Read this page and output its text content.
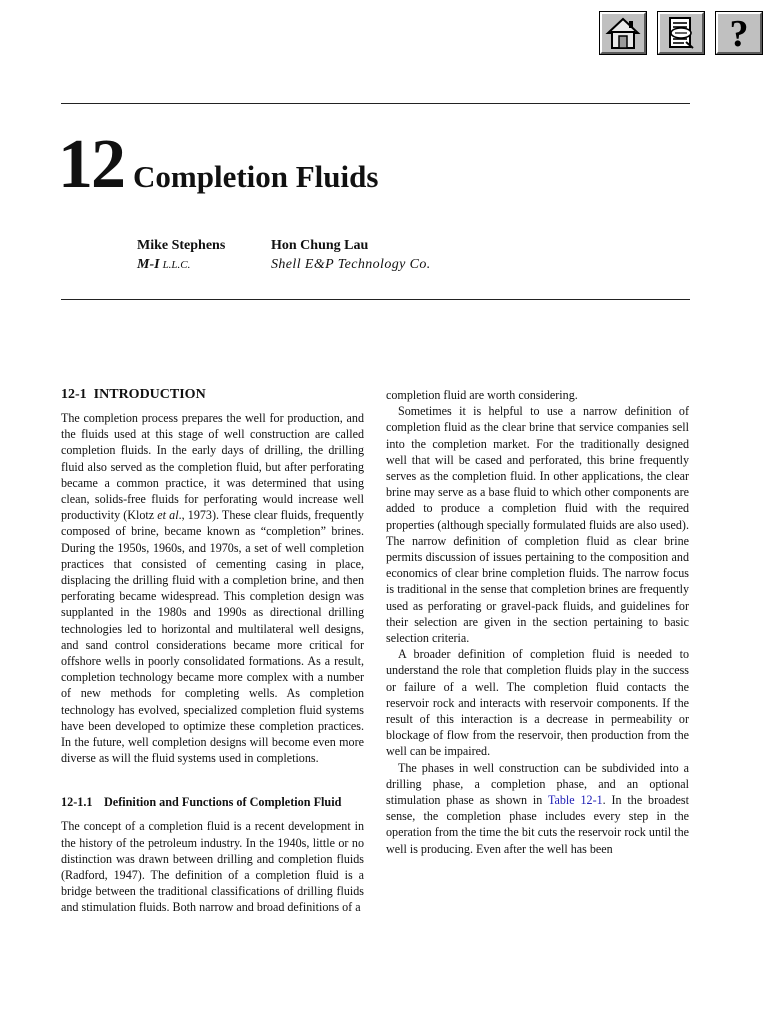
?
12 Completion Fluids
Mike Stephens
M-I L.L.C.
Hon Chung Lau
Shell E&P Technology Co.
12-1 INTRODUCTION

The completion process prepares the well for production, and the fluids used at this stage of well construction are called completion fluids. In the early days of drilling, the drilling fluid also served as the completion fluid, but after perforating became a common practice, it was determined that using clean, solids-free fluids for perforating would increase well productivity (Klotz et al., 1973). These clear fluids, frequently composed of brine, became known as “completion” brines. During the 1950s, 1960s, and 1970s, a set of well completion practices that consisted of cementing casing in place, displacing the drilling fluid with a completion brine, and then perforating became widespread. This completion design was supplanted in the 1980s and 1990s as directional drilling technologies led to horizontal and multilateral well designs, and sand control considerations became more critical for offshore wells in poorly consolidated formations. As a result, completion technology became more complex with a number of new methods for completing wells. As completion technology has evolved, specialized completion fluid systems have been developed to optimize these completion practices. In the future, well completion designs will become even more diverse as will the fluid systems used in completions.

12-1.1 Definition and Functions of Completion Fluid

The concept of a completion fluid is a recent development in the history of the petroleum industry. In the 1940s, little or no distinction was drawn between drilling and completion fluids (Radford, 1947). The definition of a completion fluid is a bridge between the traditional classifications of drilling fluids and stimulation fluids. Both narrow and broad definitions of a

completion fluid are worth considering.

Sometimes it is helpful to use a narrow definition of completion fluid as the clear brine that service companies sell into the completion market. For the traditionally designed well that will be cased and perforated, this brine frequently serves as the completion fluid. In other applications, the clear brine may serve as a base fluid to which other components are added to produce a completion fluid with the required properties (although specially formulated fluids are also used). The narrow definition of completion fluid as clear brine permits discussion of issues pertaining to the composition and economics of clear brine completion fluids. The narrow focus is traditional in the sense that completion brines are frequently used as perforating or gravel-pack fluids, and guidelines for their selection are given in the section pertaining to basic selection criteria.

A broader definition of completion fluid is needed to understand the role that completion fluids play in the success or failure of a well. The completion fluid contacts the reservoir rock and interacts with reservoir components. If the result of this interaction is a decrease in permeability or blockage of flow from the reservoir, then production from the well can be impaired.

The phases in well construction can be subdivided into a drilling phase, a completion phase, and an optional stimulation phase as shown in Table 12-1. In the broadest sense, the completion phase includes every step in the operation from the time the bit cuts the reservoir rock until the well is producing. Even after the well has been
